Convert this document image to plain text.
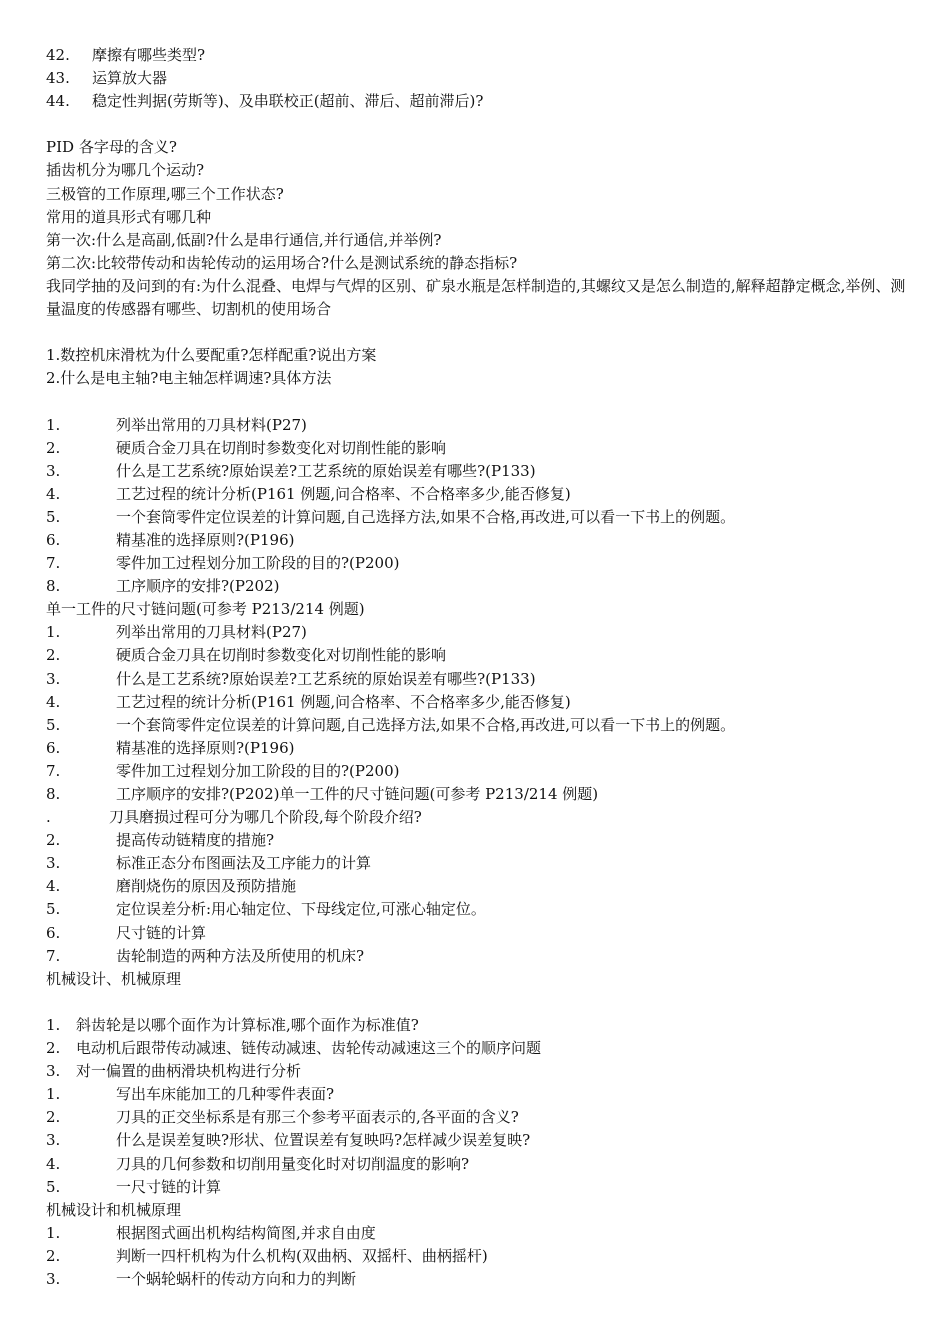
42.	摩擦有哪些类型?
43.	运算放大器
44.	稳定性判据(劳斯等)、及串联校正(超前、滞后、超前滞后)?
PID 各字母的含义?
插齿机分为哪几个运动?
三极管的工作原理,哪三个工作状态?
常用的道具形式有哪几种
第一次:什么是高副,低副?什么是串行通信,并行通信,并举例?
第二次:比较带传动和齿轮传动的运用场合?什么是测试系统的静态指标?
我同学抽的及问到的有:为什么混叠、电焊与气焊的区别、矿泉水瓶是怎样制造的,其螺纹又是怎么制造的,解释超静定概念,举例、测量温度的传感器有哪些、切割机的使用场合
1.数控机床滑枕为什么要配重?怎样配重?说出方案
2.什么是电主轴?电主轴怎样调速?具体方法
1.	列举出常用的刀具材料(P27)
2.	硬质合金刀具在切削时参数变化对切削性能的影响
3.	什么是工艺系统?原始误差?工艺系统的原始误差有哪些?(P133)
4.	工艺过程的统计分析(P161 例题,问合格率、不合格率多少,能否修复)
5.	一个套筒零件定位误差的计算问题,自己选择方法,如果不合格,再改进,可以看一下书上的例题。
6.	精基准的选择原则?(P196)
7.	零件加工过程划分加工阶段的目的?(P200)
8.	工序顺序的安排?(P202)
单一工件的尺寸链问题(可参考 P213/214 例题)
1.	列举出常用的刀具材料(P27)
2.	硬质合金刀具在切削时参数变化对切削性能的影响
3.	什么是工艺系统?原始误差?工艺系统的原始误差有哪些?(P133)
4.	工艺过程的统计分析(P161 例题,问合格率、不合格率多少,能否修复)
5.	一个套筒零件定位误差的计算问题,自己选择方法,如果不合格,再改进,可以看一下书上的例题。
6.	精基准的选择原则?(P196)
7.	零件加工过程划分加工阶段的目的?(P200)
8.	工序顺序的安排?(P202)单一工件的尺寸链问题(可参考 P213/214 例题)
.	刀具磨损过程可分为哪几个阶段,每个阶段介绍?
2.	提高传动链精度的措施?
3.	标准正态分布图画法及工序能力的计算
4.	磨削烧伤的原因及预防措施
5.	定位误差分析:用心轴定位、下母线定位,可涨心轴定位。
6.	尺寸链的计算
7.	齿轮制造的两种方法及所使用的机床?
机械设计、机械原理
1.	斜齿轮是以哪个面作为计算标准,哪个面作为标准值?
2.	电动机后跟带传动减速、链传动减速、齿轮传动减速这三个的顺序问题
3.	对一偏置的曲柄滑块机构进行分析
1.	写出车床能加工的几种零件表面?
2.	刀具的正交坐标系是有那三个参考平面表示的,各平面的含义?
3.	什么是误差复映?形状、位置误差有复映吗?怎样减少误差复映?
4.	刀具的几何参数和切削用量变化时对切削温度的影响?
5.	一尺寸链的计算
机械设计和机械原理
1.	根据图式画出机构结构简图,并求自由度
2.	判断一四杆机构为什么机构(双曲柄、双摇杆、曲柄摇杆)
3.	一个蜗轮蜗杆的传动方向和力的判断
